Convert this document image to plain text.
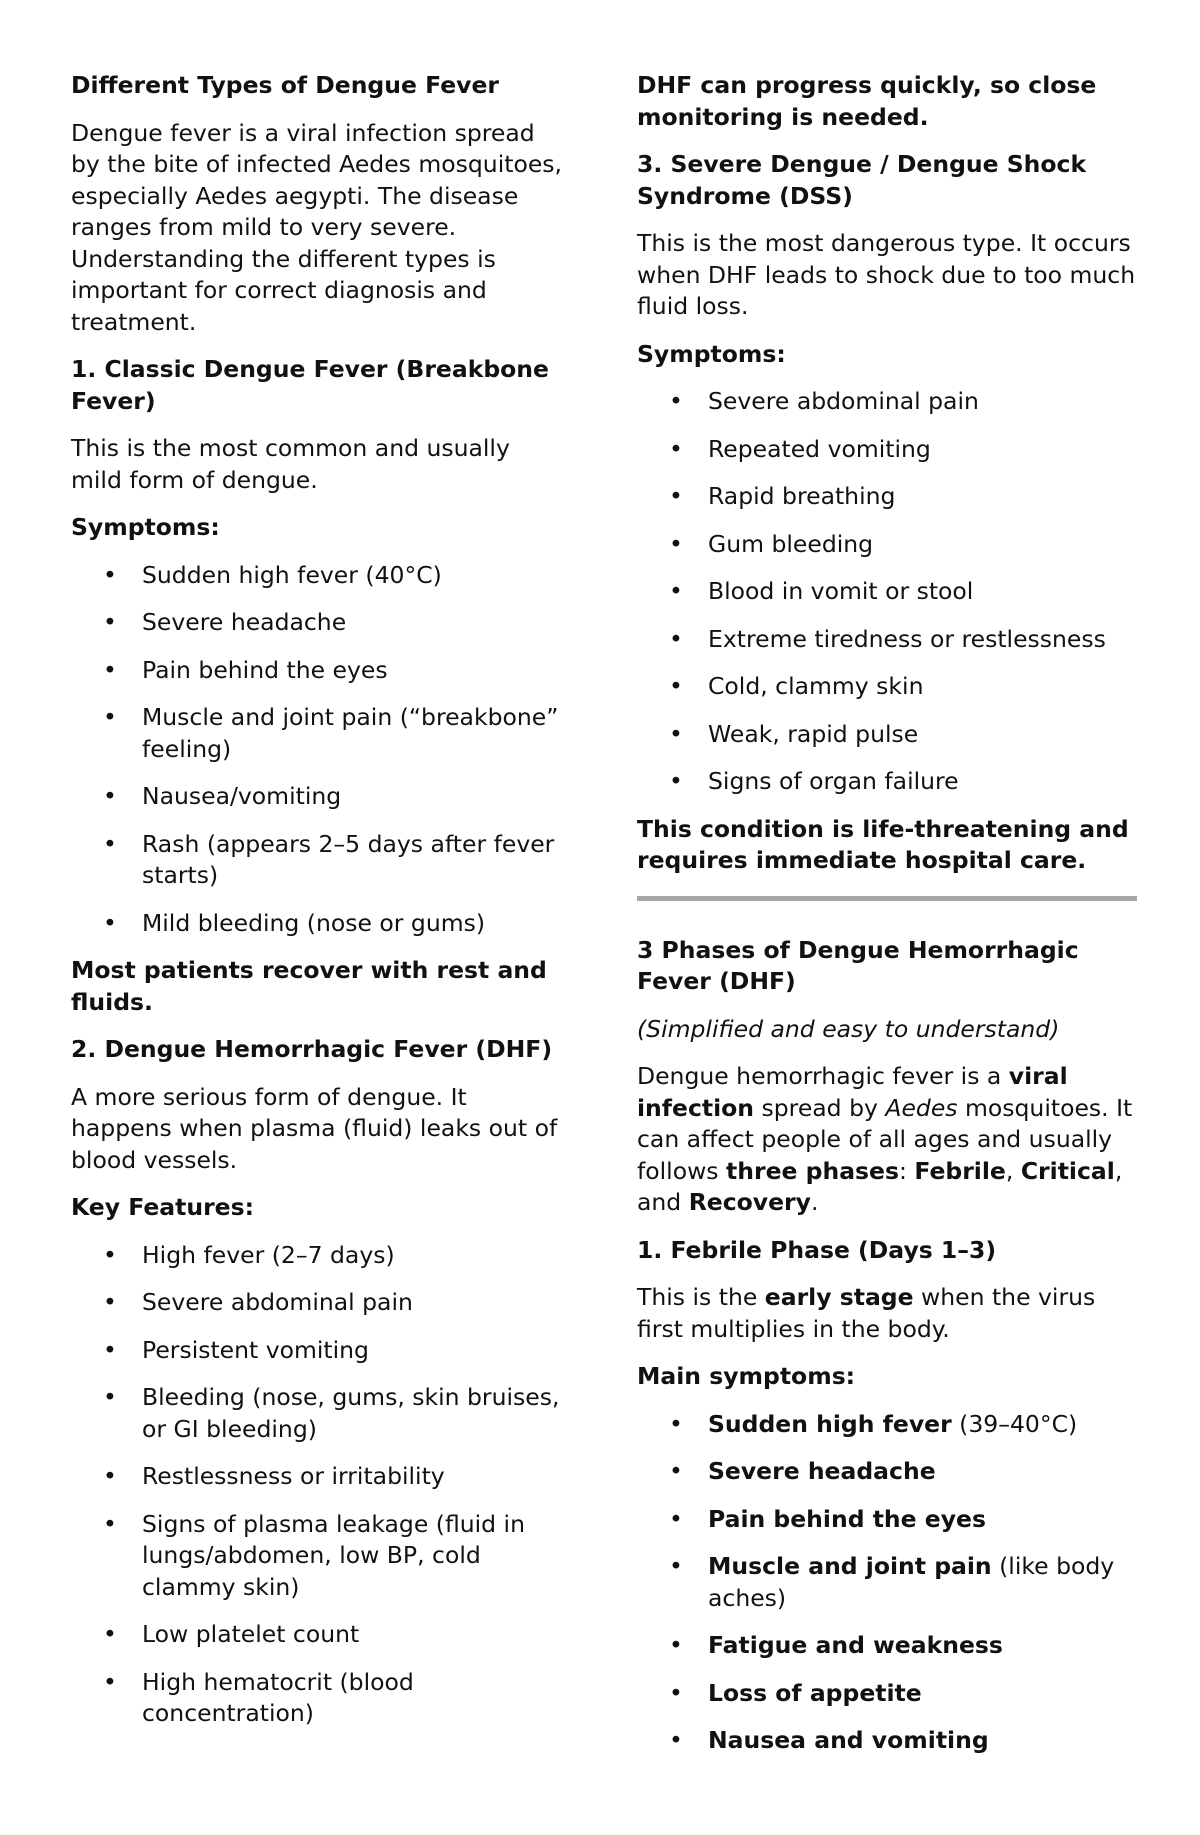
Different Types of Dengue Fever

Dengue fever is a viral infection spread by the bite of infected Aedes mosquitoes, especially Aedes aegypti. The disease ranges from mild to very severe. Understanding the different types is important for correct diagnosis and treatment.

1. Classic Dengue Fever (Breakbone Fever)

This is the most common and usually mild form of dengue.

Symptoms:

• Sudden high fever (40°C)
• Severe headache
• Pain behind the eyes
• Muscle and joint pain (“breakbone” feeling)
• Nausea/vomiting
• Rash (appears 2–5 days after fever starts)
• Mild bleeding (nose or gums)

Most patients recover with rest and fluids.

2. Dengue Hemorrhagic Fever (DHF)

A more serious form of dengue. It happens when plasma (fluid) leaks out of blood vessels.

Key Features:

• High fever (2–7 days)
• Severe abdominal pain
• Persistent vomiting
• Bleeding (nose, gums, skin bruises, or GI bleeding)
• Restlessness or irritability
• Signs of plasma leakage (fluid in lungs/abdomen, low BP, cold clammy skin)
• Low platelet count
• High hematocrit (blood concentration)

DHF can progress quickly, so close monitoring is needed.

3. Severe Dengue / Dengue Shock Syndrome (DSS)

This is the most dangerous type. It occurs when DHF leads to shock due to too much fluid loss.

Symptoms:

• Severe abdominal pain
• Repeated vomiting
• Rapid breathing
• Gum bleeding
• Blood in vomit or stool
• Extreme tiredness or restlessness
• Cold, clammy skin
• Weak, rapid pulse
• Signs of organ failure

This condition is life-threatening and requires immediate hospital care.

3 Phases of Dengue Hemorrhagic Fever (DHF)

(Simplified and easy to understand)

Dengue hemorrhagic fever is a viral infection spread by Aedes mosquitoes. It can affect people of all ages and usually follows three phases: Febrile, Critical, and Recovery.

1. Febrile Phase (Days 1–3)

This is the early stage when the virus first multiplies in the body.

Main symptoms:

• Sudden high fever (39–40°C)
• Severe headache
• Pain behind the eyes
• Muscle and joint pain (like body aches)
• Fatigue and weakness
• Loss of appetite
• Nausea and vomiting
